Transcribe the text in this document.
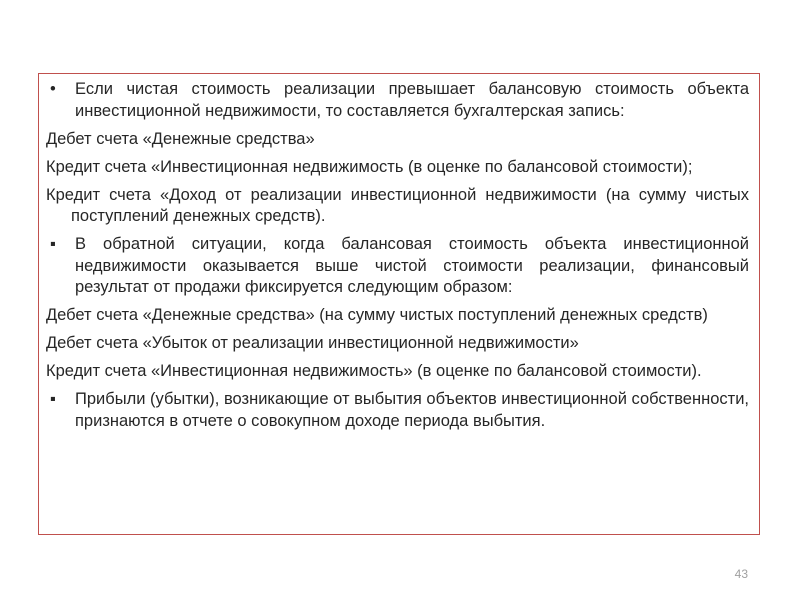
• Если чистая стоимость реализации превышает балансовую стоимость объекта инвестиционной недвижимости, то составляется бухгалтерская запись:

Дебет счета «Денежные средства»

Кредит счета «Инвестиционная недвижимость (в оценке по балансовой стоимости);

Кредит счета «Доход от реализации инвестиционной недвижимости (на сумму чистых поступлений денежных средств).

▪ В обратной ситуации, когда балансовая стоимость объекта инвестиционной недвижимости оказывается выше чистой стоимости реализации, финансовый результат от продажи фиксируется следующим образом:

Дебет счета «Денежные средства» (на сумму чистых поступлений денежных средств)

Дебет счета «Убыток от реализации инвестиционной недвижимости»

Кредит счета «Инвестиционная недвижимость» (в оценке по балансовой стоимости).

▪ Прибыли (убытки), возникающие от выбытия объектов инвестиционной собственности, признаются в отчете о совокупном доходе периода выбытия.
43
